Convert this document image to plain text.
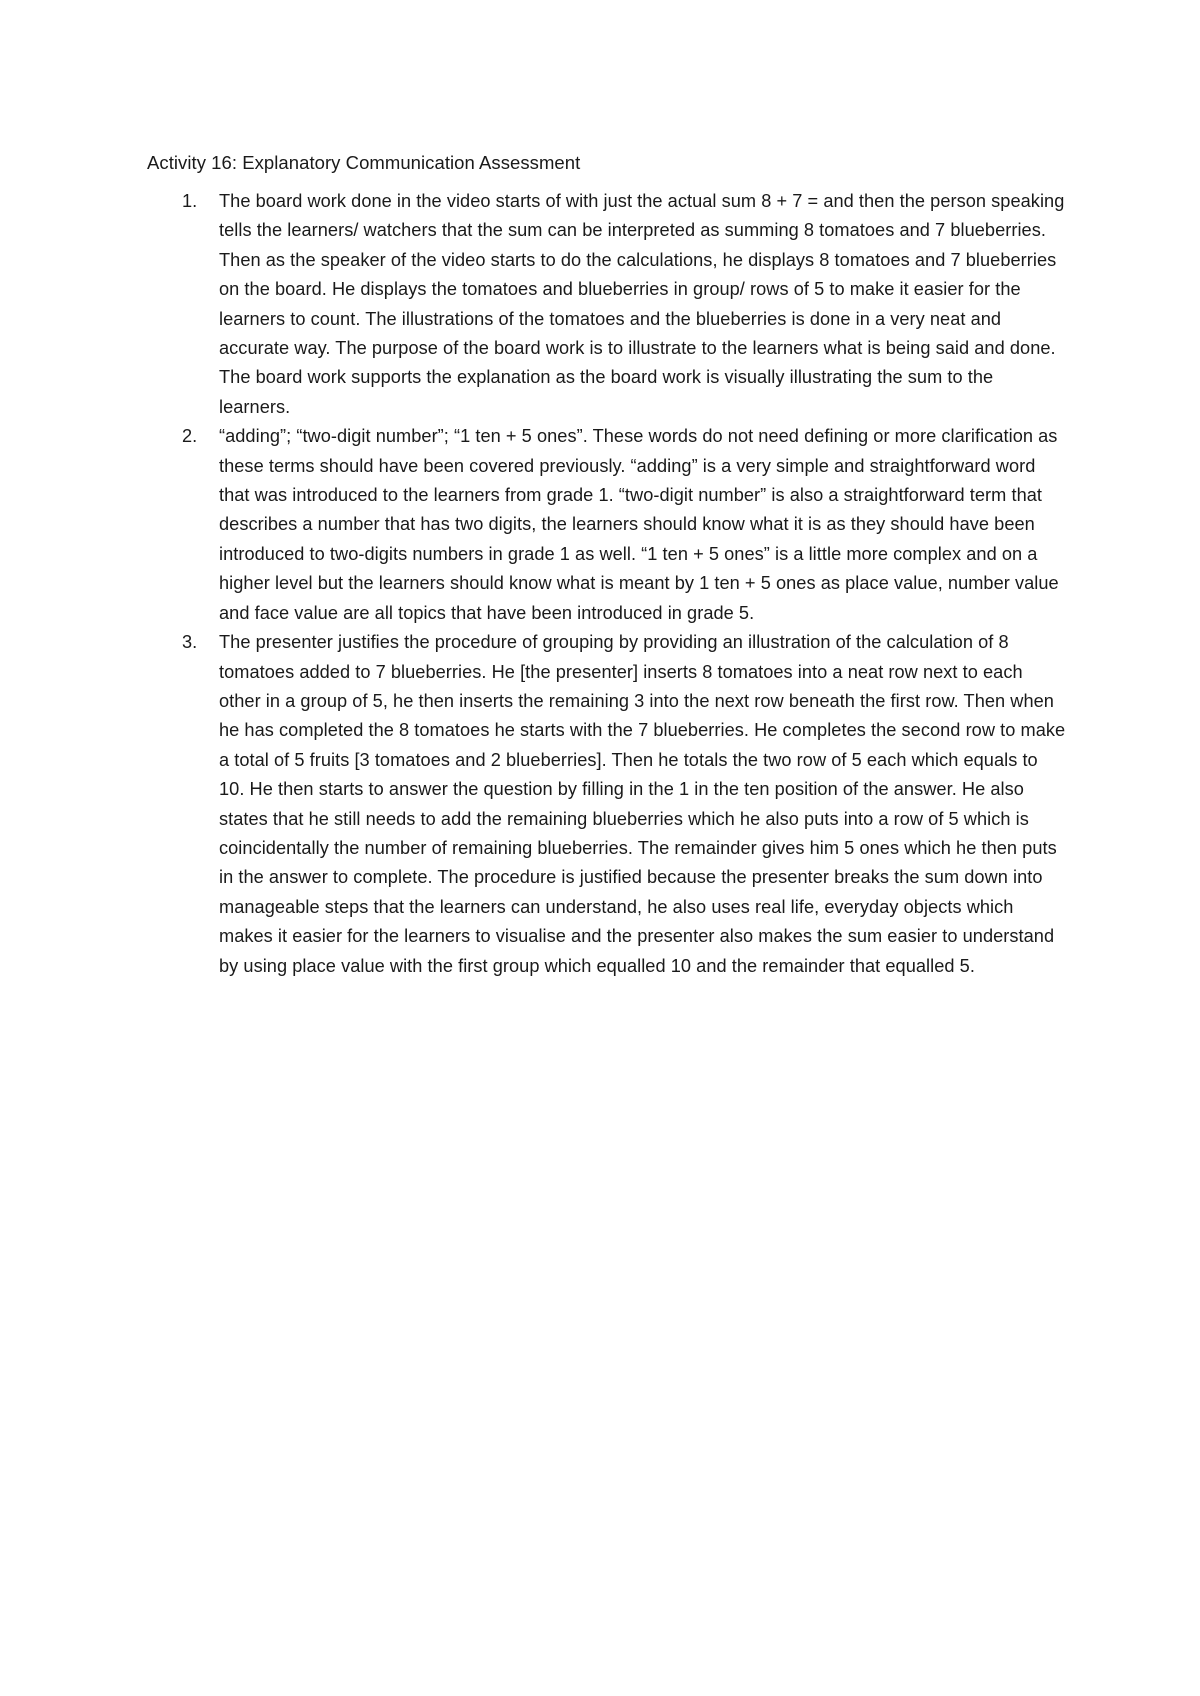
Activity 16: Explanatory Communication Assessment
1. The board work done in the video starts of with just the actual sum 8 + 7 = and then the person speaking tells the learners/ watchers that the sum can be interpreted as summing 8 tomatoes and 7 blueberries. Then as the speaker of the video starts to do the calculations, he displays 8 tomatoes and 7 blueberries on the board. He displays the tomatoes and blueberries in group/ rows of 5 to make it easier for the learners to count. The illustrations of the tomatoes and the blueberries is done in a very neat and accurate way. The purpose of the board work is to illustrate to the learners what is being said and done. The board work supports the explanation as the board work is visually illustrating the sum to the learners.
2. “adding”; “two-digit number”; “1 ten + 5 ones”. These words do not need defining or more clarification as these terms should have been covered previously. “adding” is a very simple and straightforward word that was introduced to the learners from grade 1. “two-digit number” is also a straightforward term that describes a number that has two digits, the learners should know what it is as they should have been introduced to two-digits numbers in grade 1 as well. “1 ten + 5 ones” is a little more complex and on a higher level but the learners should know what is meant by 1 ten + 5 ones as place value, number value and face value are all topics that have been introduced in grade 5.
3. The presenter justifies the procedure of grouping by providing an illustration of the calculation of 8 tomatoes added to 7 blueberries. He [the presenter] inserts 8 tomatoes into a neat row next to each other in a group of 5, he then inserts the remaining 3 into the next row beneath the first row. Then when he has completed the 8 tomatoes he starts with the 7 blueberries. He completes the second row to make a total of 5 fruits [3 tomatoes and 2 blueberries]. Then he totals the two row of 5 each which equals to 10. He then starts to answer the question by filling in the 1 in the ten position of the answer. He also states that he still needs to add the remaining blueberries which he also puts into a row of 5 which is coincidentally the number of remaining blueberries. The remainder gives him 5 ones which he then puts in the answer to complete. The procedure is justified because the presenter breaks the sum down into manageable steps that the learners can understand, he also uses real life, everyday objects which makes it easier for the learners to visualise and the presenter also makes the sum easier to understand by using place value with the first group which equalled 10 and the remainder that equalled 5.
